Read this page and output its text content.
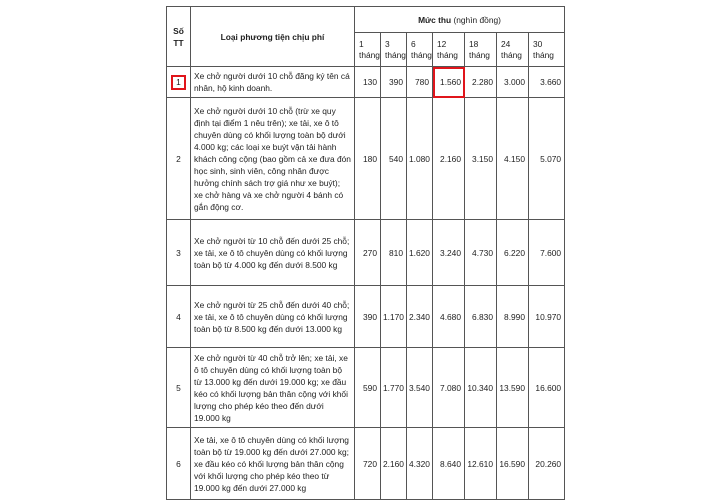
Số TT	Loại phương tiện chịu phí	Mức thu (nghìn đồng)						
		1 tháng	3 tháng	6 tháng	12 tháng	18 tháng	24 tháng	30 tháng
1	Xe chở người dưới 10 chỗ đăng ký tên cá nhân, hộ kinh doanh.	130	390	780	1.560	2.280	3.000	3.660
2	Xe chở người dưới 10 chỗ (trừ xe quy định tại điểm 1 nêu trên); xe tải, xe ô tô chuyên dùng có khối lượng toàn bộ dưới 4.000 kg; các loại xe buýt vận tải hành khách công cộng (bao gồm cả xe đưa đón học sinh, sinh viên, công nhân được hưởng chính sách trợ giá như xe buýt); xe chở hàng và xe chở người 4 bánh có gắn động cơ.	180	540	1.080	2.160	3.150	4.150	5.070
3	Xe chở người từ 10 chỗ đến dưới 25 chỗ; xe tải, xe ô tô chuyên dùng có khối lượng toàn bộ từ 4.000 kg đến dưới 8.500 kg	270	810	1.620	3.240	4.730	6.220	7.600
4	Xe chở người từ 25 chỗ đến dưới 40 chỗ; xe tải, xe ô tô chuyên dùng có khối lượng toàn bộ từ 8.500 kg đến dưới 13.000 kg	390	1.170	2.340	4.680	6.830	8.990	10.970
5	Xe chở người từ 40 chỗ trở lên; xe tải, xe ô tô chuyên dùng có khối lượng toàn bộ từ 13.000 kg đến dưới 19.000 kg; xe đầu kéo có khối lượng bản thân cộng với khối lượng cho phép kéo theo đến dưới 19.000 kg	590	1.770	3.540	7.080	10.340	13.590	16.600
6	Xe tải, xe ô tô chuyên dùng có khối lượng toàn bộ từ 19.000 kg đến dưới 27.000 kg; xe đầu kéo có khối lượng bản thân cộng với khối lượng cho phép kéo theo từ 19.000 kg đến dưới 27.000 kg	720	2.160	4.320	8.640	12.610	16.590	20.260
